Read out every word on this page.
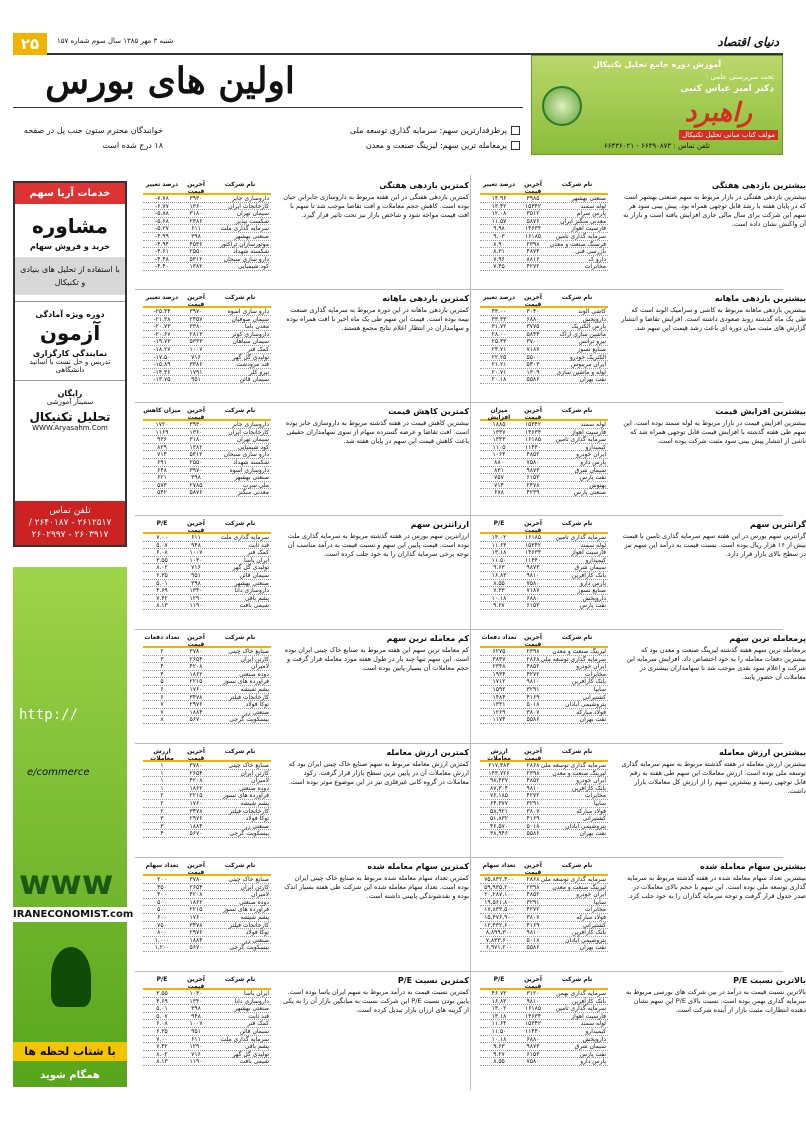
۲۵	شنبه ۳ مهر ۱۳۸۵ سال سوم شماره ۱۵۷	دنیای اقتصاد
اولین های بورس
خوانندگان محترم ستون جنب پل در صفحه ۱۸ درج شده است
پرطرفدارترین سهم: سرمایه گذاری توسعه ملی
پرمعامله ترین سهم: لیزینگ صنعت و معدن
آموزش دوره جامع تحلیل تکنیکال
تحت سرپرستی علمی :
دکتر امیر عباس کتبی
راهبرد
مولف کتاب مبانی تحلیل تکنیکال
تلفن تماس : ۶۶۴۹۰۸۷۳ - ۶۶۴۳۶۰۲۱
خدمات آریا سهم
مشاوره
خرید و فروش سهام
با استفاده از تحلیل های بنیادی و تکنیکال
دوره ویژه آمادگی
آزمون
نمایندگی کارگزاری
تدریس و حل تست با اساتید دانشگاهی
رایگان
سمینار آموزشی
تحلیل تکنیکال
WWW.Aryasahm.Com
تلفن تماس
۲۶۱۲۵۱۷ - ۲۶۴۰۱۸۷ / ۲۶۰۳۹۱۷ - ۲۶۰۲۹۹۷
http://
e/commerce
www
IRANECONOMIST.com
با شتاب لحظه ها
همگام شوید
درصد تغییر	آخرین قیمت
نام شرکت
۱۴.۹۶	۳۹۸۵	صنعتی بهشهر
۱۳.۴۲	۱۵۳۴۲	لوله سمند
۱۲.۰۸	۳۵۱۲	پارس سرام
۱۱.۵۷	۵۸۷۶	معدنی منگنز ایران
۹.۹۸	۱۴۶۳۴	فارسیت اهواز
۹.۰۳	۱۶۱۸۵	سرمایه گذاری تامین
۸.۹۰	۲۳۹۸	فرسنگ صنعت و معدن
۸.۳۱	۴۸۷۴	بازرسی فنی
۷.۹۶	۸۸۱۶	دارو ک
۷.۴۵	۴۲۷۲	مخابرات
بیشترین بازدهی هفتگی
بیشترین بازدهی هفتگی در بازار مربوط به سهم صنعتی بهشهر است که در پایان هفته با رشد قابل توجهی همراه بود. پیش بینی سود هر سهم این شرکت برای سال مالی جاری افزایش یافته است و بازار به آن واکنش نشان داده است.
درصد تغییر	آخرین قیمت
نام شرکت
-۷.۷۸	۳۹۳۰	داروسازی جابر
-۶.۷۷	۱۳۶۰	کارخانجات ایران
-۵.۸۸	۳۱۸۰	سیمان تهران
-۵.۶۸	۲۳۸۶	شکست نپذیر
-۵.۲۷	۶۱۱	سرمایه گذاری ملت
-۴.۹۹	۳۹۸	صنعتی بهشهر
-۴.۹۴	۴۵۳۶	موتورسازان تراکتور
-۴.۶۱	۲۵۵۰	شکسته شهداد
-۴.۴۸	۵۳۱۲	دارو سازی سبحان
-۴.۴۰	۱۳۸۲	کود شیمیایی
کمترین بازدهی هفتگی
کمترین بازدهی هفتگی در این هفته مربوط به داروسازی جابرابن حیان بوده است. کاهش حجم معاملات و افت تقاضا موجب شد تا سهم با افت قیمت مواجه شود و شاخص بازار نیز تحت تاثیر قرار گیرد.
درصد تغییر	آخرین قیمت
نام شرکت
۴۴.۰۰	۳۰۴۰	کاشی الوند
۳۳.۳۳	۶۸۸۰	داروپخش
۳۱.۷۲	۳۷۷۵	پارس الکتریک
۲۸.۰۰	۵۸۴۴	ماشین سازی اراک
۲۵.۳۳	۳۷۰۰	نیرو ترانس
۲۴.۷۱	۷۱۸۷	صنایع نسوز
۲۲.۲۵	۵۵۰۰	الکتریک خودرو
۲۱.۲۱	۵۴۰۳	ایران مرینوس
۲۰.۷۱	۱۳۰۹	لوله و ماشین سازی
۲۰.۱۸	۵۵۸۶	نفت بهران
بیشترین بازدهی ماهانه
بیشترین بازدهی ماهانه مربوط به کاشی و سرامیک الوند است که طی یک ماه گذشته روند صعودی داشته است. افزایش تقاضا و انتشار گزارش های مثبت میان دوره ای باعث رشد قیمت این سهم شد.
درصد تغییر	آخرین قیمت
نام شرکت
-۲۵.۳۴	۳۹۷۰	دارو سازی اسوه
-۲۱.۳۸	۲۴۵۷	سیمان صوفیان
-۲۰.۷۳	۳۳۸۰	معدن باما
-۲۰.۶۷	۲۸۱۳	داروسازی کوثر
-۱۹.۷۳	۵۳۳۳	سیمان سپاهان
-۱۸.۲۷	۱۰۰۷	کمک فنر
-۱۷.۵۰	۷۱۶	تولیدی گل گهر
-۱۵.۸۹	۳۳۸۶	قند مرودشت
-۱۴.۳۶	۱۷۹۱	نیرو کلر
-۱۳.۷۵	۹۵۱	سیمان قائن
کمترین بازدهی ماهانه
کمترین بازدهی ماهانه در این دوره مربوط به سرمایه گذاری صنعت بیمه بوده است. قیمت این سهم طی یک ماه اخیر با افت همراه بوده و سهامداران در انتظار اعلام نتایج مجمع هستند.
میزان افزایش
آخرین قیمت
نام شرکت
۱۸۸۵	۱۵۳۴۲	لوله سمند
۱۳۳۷	۱۴۶۳۴	فارسیت اهواز
۱۳۳۳	۱۶۱۸۵	سرمایه گذاری تامین
۱۱۰۵	۱۱۴۴۰	کیمیدارو
۱۰۶۴	۴۸۵۲	ایران خودرو
۸۸۰	۷۵۸۰	پارس دارو
۸۳۱	۹۸۷۳	سیمان شرق
۷۵۷	۶۱۵۳	نفت پارس
۷۱۴	۲۴۷۸	بهنوش
۶۷۸	۴۲۳۹	صنعتی پارس
بیشترین افزایش قیمت
بیشترین افزایش قیمت در بازار مربوط به لوله سمند بوده است. این سهم طی هفته گذشته با افزایش قیمت قابل توجهی همراه شد که ناشی از انتشار پیش بینی سود مثبت شرکت بوده است.
میزان کاهش	آخرین قیمت
نام شرکت
۱۷۲۰	۳۹۳۰	داروسازی جابر
۱۱۶۹	۱۳۶۰	کارخانجات ایران
۹۳۶	۳۱۸۰	سیمان تهران
۸۲۹	۱۳۸۲	کود شیمیایی
۷۱۴	۵۳۱۲	دارو سازی سبحان
۶۹۱	۲۵۵۰	شکسته شهداد
۶۴۸	۳۹۷۰	داروسازی اسوه
۶۲۱	۳۹۸	صنعتی بهشهر
۵۷۳	۲۷۸۵	ملی سرب
۵۴۲	۵۸۷۶	معدنی منگنز
کمترین کاهش قیمت
بیشترین کاهش قیمت در هفته گذشته مربوط به داروسازی جابر بوده است. افت تقاضا و عرضه گسترده سهام از سوی سهامداران حقیقی باعث کاهش قیمت این سهم در پایان هفته شد.
P/E	آخرین قیمت
نام شرکت
۱۴.۰۲	۱۶۱۸۵	سرمایه گذاری تامین
۱۱.۶۴	۱۵۳۴۲	لوله سمند
۱۳.۱۸	۱۴۶۳۴	فارسیت اهواز
۱۱.۵۰	۱۱۴۴۰	کیمیدارو
۹.۶۳	۹۸۷۳	سیمان شرق
۱۶.۸۳	۹۸۱۰	بانک کارآفرین
۸.۵۵	۷۵۸۰	پارس دارو
۷.۳۳	۷۱۸۷	صنایع نسوز
۱۰.۱۸	۶۸۸۰	داروپخش
۹.۲۷	۶۱۵۳	نفت پارس
گرانترین سهم
گرانترین سهم بورس در این هفته سهم سرمایه گذاری تامین با قیمت بیش از ۱۶ هزار ریال بوده است. نسبت قیمت به درآمد این سهم نیز در سطح بالای بازار قرار دارد.
P/E	آخرین قیمت
نام شرکت
۷.۰۰	۶۱۱	سرمایه گذاری ملت
۵.۰۷	۹۴۸	قند ثابت
۶.۰۸	۱۰۰۷	کمک فنر
۳.۵۵	۱۰۳۰	ایران یاسا
۸.۰۲	۷۱۶	تولیدی گل گهر
۶.۳۵	۹۵۱	سیمان قائن
۵.۰۱	۳۹۸	صنعتی بهشهر
۴.۶۹	۱۳۴۰	داروسازی دانا
۷.۴۲	۱۲۹۰	پشم بافی
۸.۱۳	۱۱۹۰	شیمی بافت
ارزانترین سهم
ارزانترین سهم بورس در هفته گذشته مربوط به سرمایه گذاری ملت بوده است. قیمت پایین این سهم و نسبت قیمت به درآمد مناسب آن توجه برخی سرمایه گذاران را به خود جلب کرده است.
تعداد دفعات	آخرین قیمت
نام شرکت
۶۲۷۵	۲۳۹۸	لیزینگ صنعت و معدن
۳۸۳۷	۲۸۶۸ سرمایه گذاری توسعه ملی
۲۳۴۸	۴۸۵۲	ایران خودرو
۱۹۳۴	۴۲۷۲	مخابرات
۱۷۱۲	۹۸۱۰	بانک کارآفرین
۱۵۹۲	۳۲۹۱	سایپا
۱۴۸۴	۴۱۶۹	کشتیرانی
۱۳۳۱	۵۰۱۸	پتروشیمی آبادان
۱۲۶۹	۳۸۰۷	فولاد مبارکه
۱۱۷۴	۵۵۸۶	نفت بهران
پرمعامله ترین سهم
پرمعامله ترین سهم هفته گذشته لیزینگ صنعت و معدن بود که بیشترین دفعات معامله را به خود اختصاص داد. افزایش سرمایه این شرکت و اعلام سود نقدی موجب شد تا سهامداران بیشتری در معاملات آن حضور یابند.
تعداد دفعات	آخرین قیمت
نام شرکت
۲	۳۷۸۰	صنایع خاک چینی
۳	۲۶۵۴	کارتن ایران
۴	۴۲۰۸	لامیران
۴	۱۸۶۲	دوده صنعتی
۵	۲۲۱۵	فرآورده های نسوز
۶	۱۷۶۰	پشم شیشه
۶	۳۴۷۸	کارخانجات فیلتر
۷	۲۹۷۶	توکا فولاد
۷	۱۸۸۴	صنعتی زر
۸	۵۶۷۰	بیسکویت گرجی
کم معامله ترین سهم
کم معامله ترین سهم این هفته مربوط به صنایع خاک چینی ایران بوده است. این سهم تنها چند بار در طول هفته مورد معامله قرار گرفت و حجم معاملات آن بسیار پایین بوده است.
ارزش معاملات
آخرین قیمت
نام شرکت
۲۱۷,۴۸۳	۲۸۶۸ سرمایه گذاری توسعه ملی
۱۴۳,۷۲۶	۲۳۹۸	لیزینگ صنعت و معدن
۹۸,۴۳۷	۴۸۵۲	ایران خودرو
۸۷,۳۰۴	۹۸۱۰	بانک کارآفرین
۷۶,۱۸۵	۴۲۷۲	مخابرات
۶۴,۳۷۷	۳۲۹۱	سایپا
۵۸,۹۲۱	۳۸۰۷	فولاد مبارکه
۵۱,۸۳۲	۴۱۶۹	کشتیرانی
۴۶,۵۷۰	۵۰۱۸	پتروشیمی آبادان
۳۸,۹۴۶	۵۵۸۶	نفت بهران
بیشترین ارزش معامله
بیشترین ارزش معامله در هفته گذشته مربوط به سهم سرمایه گذاری توسعه ملی بوده است. ارزش معاملات این سهم طی هفته به رقم قابل توجهی رسید و بیشترین سهم را از ارزش کل معاملات بازار داشت.
ارزش معاملات
آخرین قیمت
نام شرکت
۱	۳۷۸۰	صنایع خاک چینی
۱	۲۶۵۴	کارتن ایران
۱	۴۲۰۸	لامیران
۱	۱۸۶۲	دوده صنعتی
۲	۲۲۱۵	فرآورده های نسوز
۲	۱۷۶۰	پشم شیشه
۲	۳۴۷۸	کارخانجات فیلتر
۳	۲۹۷۶	توکا فولاد
۳	۱۸۸۴	صنعتی زر
۴	۵۶۷۰	بیسکویت گرجی
کمترین ارزش معامله
کمترین ارزش معامله مربوط به سهم صنایع خاک چینی ایران بود که ارزش معاملات آن در پایین ترین سطح بازار قرار گرفت. رکود معاملات در گروه کانی غیرفلزی نیز در این موضوع موثر بوده است.
تعداد سهام	آخرین قیمت
نام شرکت
۷۵,۸۳۲,۴۰۰	۲۸۶۸ سرمایه گذاری توسعه ملی
۵۹,۹۳۵,۲۰۰	۲۳۹۸	لیزینگ صنعت و معدن
۲۰,۲۸۷,۱۰۰	۴۸۵۲	ایران خودرو
۱۹,۵۶۱,۸۰۰	۳۲۹۱	سایپا
۱۷,۸۳۳,۵۰۰	۴۲۷۲	مخابرات
۱۵,۴۷۶,۹۰۰	۳۸۰۷	فولاد مبارکه
۱۲,۴۳۲,۶۰۰	۴۱۶۹	کشتیرانی
۸,۸۹۹,۳۰۰	۹۸۱۰	بانک کارآفرین
۷,۸۳۳,۶۰۰	۵۰۱۸	پتروشیمی آبادان
۶,۹۷۱,۲۰۰	۵۵۸۶	نفت بهران
بیشترین سهام معامله شده
بیشترین تعداد سهام معامله شده در هفته گذشته مربوط به سرمایه گذاری توسعه ملی بوده است. این سهم با حجم بالای معاملات در صدر جدول قرار گرفت و توجه سرمایه گذاران را به خود جلب کرد.
تعداد سهام	آخرین قیمت
نام شرکت
۲۰۰	۳۷۸۰	صنایع خاک چینی
۳۵۰	۲۶۵۴	کارتن ایران
۴۰۰	۴۲۰۸	لامیران
۵۰۰	۱۸۶۲	دوده صنعتی
۵۰۰	۲۲۱۵	فرآورده های نسوز
۶۰۰	۱۷۶۰	پشم شیشه
۷۵۰	۳۴۷۸	کارخانجات فیلتر
۸۰۰	۲۹۷۶	توکا فولاد
۱,۰۰۰	۱۸۸۴	صنعتی زر
۱,۲۰۰	۵۶۷۰	بیسکویت گرجی
کمترین سهام معامله شده
کمترین تعداد سهام معامله شده مربوط به صنایع خاک چینی ایران بوده است. تعداد سهام معامله شده این شرکت طی هفته بسیار اندک بوده و نقدشوندگی پایینی داشته است.
P/E	آخرین قیمت
نام شرکت
۴۶.۷۳	۳۱۲۰	سرمایه گذاری بهمن
۱۶.۸۳	۹۸۱۰	بانک کارآفرین
۱۴.۰۲	۱۶۱۸۵	سرمایه گذاری تامین
۱۳.۱۸	۱۴۶۳۴	فارسیت اهواز
۱۱.۶۴	۱۵۳۴۲	لوله سمند
۱۱.۵۰	۱۱۴۴۰	کیمیدارو
۱۰.۱۸	۶۸۸۰	داروپخش
۹.۶۳	۹۸۷۳	سیمان شرق
۹.۲۷	۶۱۵۳	نفت پارس
۸.۵۵	۷۵۸۰	پارس دارو
بالاترین نسبت P/E
بالاترین نسبت قیمت به درآمد در بین شرکت های بورسی مربوط به سرمایه گذاری بهمن بوده است. نسبت بالای P/E این سهم نشان دهنده انتظارات مثبت بازار از آینده شرکت است.
P/E	آخرین قیمت
نام شرکت
۳.۵۵	۱۰۳۰	ایران یاسا
۴.۶۹	۱۳۴۰	داروسازی دانا
۵.۰۱	۳۹۸	صنعتی بهشهر
۵.۰۷	۹۴۸	قند ثابت
۶.۰۸	۱۰۰۷	کمک فنر
۶.۳۵	۹۵۱	سیمان قائن
۷.۰۰	۶۱۱	سرمایه گذاری ملت
۷.۴۲	۱۲۹۰	پشم بافی
۸.۰۲	۷۱۶	تولیدی گل گهر
۸.۱۳	۱۱۹۰	شیمی بافت
کمترین نسبت P/E
کمترین نسبت قیمت به درآمد مربوط به سهم ایران یاسا بوده است. پایین بودن نسبت P/E این شرکت نسبت به میانگین بازار آن را به یکی از گزینه های ارزان بازار تبدیل کرده است.
